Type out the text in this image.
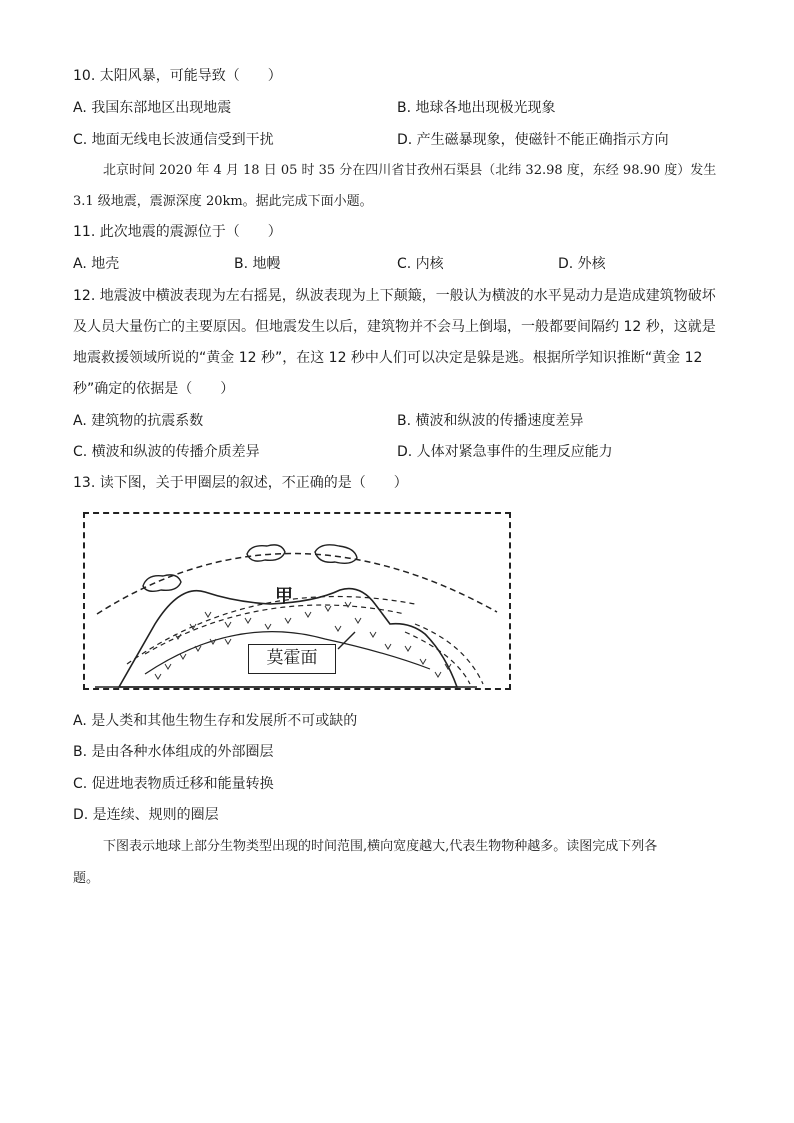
10. 太阳风暴，可能导致（　　）
A. 我国东部地区出现地震	B. 地球各地出现极光现象
C. 地面无线电长波通信受到干扰	D. 产生磁暴现象，使磁针不能正确指示方向
北京时间 2020 年 4 月 18 日 05 时 35 分在四川省甘孜州石渠县（北纬 32.98 度，东经 98.90 度）发生
3.1 级地震，震源深度 20km。据此完成下面小题。
11. 此次地震的震源位于（　　）
A. 地壳	B. 地幔	C. 内核	D. 外核
12. 地震波中横波表现为左右摇晃，纵波表现为上下颠簸，一般认为横波的水平晃动力是造成建筑物破坏
及人员大量伤亡的主要原因。但地震发生以后，建筑物并不会马上倒塌，一般都要间隔约 12 秒，这就是
地震救援领域所说的“黄金 12 秒”，在这 12 秒中人们可以决定是躲是逃。根据所学知识推断“黄金 12
秒”确定的依据是（　　）
A. 建筑物的抗震系数	B. 横波和纵波的传播速度差异
C. 横波和纵波的传播介质差异	D. 人体对紧急事件的生理反应能力
13. 读下图，关于甲圈层的叙述，不正确的是（　　）
甲
莫霍面
A. 是人类和其他生物生存和发展所不可或缺的
B. 是由各种水体组成的外部圈层
C. 促进地表物质迁移和能量转换
D. 是连续、规则的圈层
下图表示地球上部分生物类型出现的时间范围,横向宽度越大,代表生物物种越多。读图完成下列各
题。
